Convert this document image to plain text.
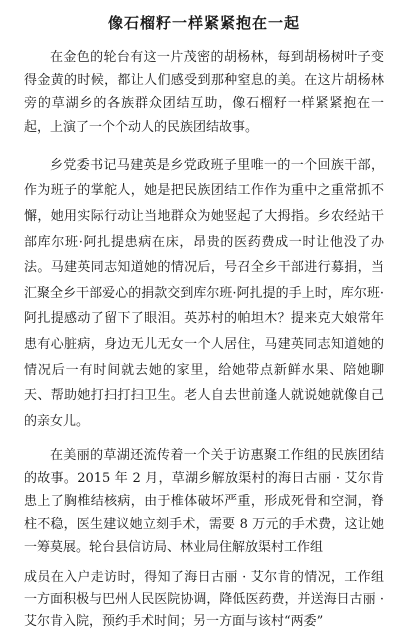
像石榴籽一样紧紧抱在一起

在金色的轮台有这一片茂密的胡杨林，每到胡杨树叶子变得金黄的时候，都让人们感受到那种窒息的美。在这片胡杨林旁的草湖乡的各族群众团结互助，像石榴籽一样紧紧抱在一起，上演了一个个动人的民族团结故事。

乡党委书记马建英是乡党政班子里唯一的一个回族干部，作为班子的掌舵人，她是把民族团结工作作为重中之重常抓不懈，她用实际行动让当地群众为她竖起了大拇指。乡农经站干部库尔班·阿扎提患病在床，昂贵的医药费成一时让他没了办法。马建英同志知道她的情况后，号召全乡干部进行募捐，当汇聚全乡干部爱心的捐款交到库尔班·阿扎提的手上时，库尔班·阿扎提感动了留下了眼泪。英苏村的帕坦木？提来克大娘常年患有心脏病，身边无儿无女一个人居住，马建英同志知道她的情况后一有时间就去她的家里，给她带点新鲜水果、陪她聊天、帮助她打扫打扫卫生。老人自去世前逢人就说她就像自己的亲女儿。

在美丽的草湖还流传着一个关于访惠聚工作组的民族团结的故事。2015 年 2 月，草湖乡解放渠村的海日古丽 · 艾尔肯患上了胸椎结核病，由于椎体破坏严重，形成死骨和空洞，脊柱不稳，医生建议她立刻手术，需要 8 万元的手术费，这让她一筹莫展。轮台县信访局、林业局住解放渠村工作组

成员在入户走访时，得知了海日古丽 · 艾尔肯的情况，工作组一方面积极与巴州人民医院协调，降低医药费，并送海日古丽 · 艾尔肯入院，预约手术时间；另一方面与该村“两委”
